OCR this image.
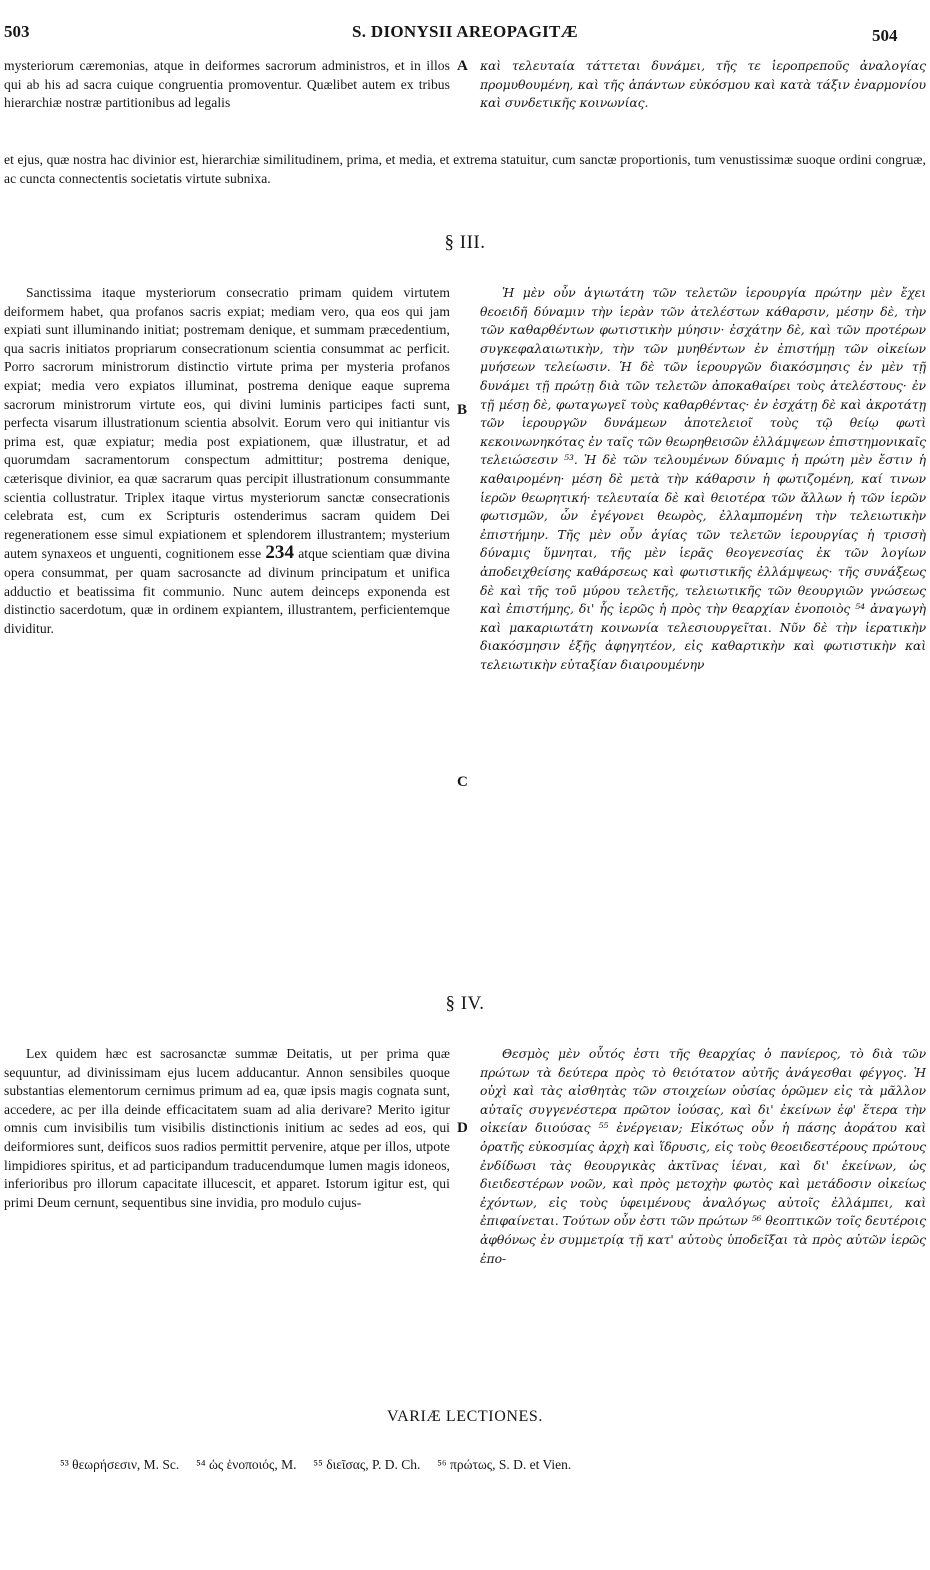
503	S. DIONYSII AREOPAGITÆ	504
mysteriorum cæremonias, atque in deiformes sacrorum administros, et in illos qui ab his ad sacra cuique congruentia promoventur. Quælibet autem ex tribus hierarchiæ nostræ partitionibus ad legalis
A καὶ τελευταία τάττεται δυνάμει, τῆς τε ἱεροπρεποῦς ἀναλογίας προμυθουμένη, καὶ τῆς ἁπάντων εὐκόσμου καὶ κατὰ τάξιν ἐναρμονίου καὶ συνδετικῆς κοινωνίας.
et ejus, quæ nostra hac divinior est, hierarchiæ similitudinem, prima, et media, et extrema statuitur, cum sanctæ proportionis, tum venustissimæ suoque ordini congruæ, ac cuncta connectentis societatis virtute subnixa.
§ III.

Sanctissima itaque mysteriorum consecratio primam quidem virtutem deiformem habet, qua profanos sacris expiat; mediam vero, qua eos qui jam expiati sunt illuminando initiat; postremam denique, et summam præcedentium, qua sacris initiatos propriarum consecrationum scientia consummat ac perficit. Porro sacrorum ministrorum distinctio virtute prima per mysteria profanos expiat; media vero expiatos illuminat, postrema denique eaque suprema sacrorum ministrorum virtute eos, qui divini luminis participes facti sunt, perfecta visarum illustrationum scientia absolvit. Eorum vero qui initiantur vis prima est, quæ expiatur; media post expiationem, quæ illustratur, et ad quorumdam sacramentorum conspectum admittitur; postrema denique, cæterisque divinior, ea quæ sacrarum quas percipit illustrationum consummante scientia collustratur. Triplex itaque virtus mysteriorum sanctæ consecrationis celebrata est, cum ex Scripturis ostenderimus sacram quidem Dei regenerationem esse simul expiationem et splendorem illustrantem; mysterium autem synaxeos et unguenti, cognitionem esse 234 atque scientiam quæ divina opera consummat, per quam sacrosancte ad divinum principatum et unifica adductio et beatissima fit communio. Nunc autem deinceps exponenda est distinctio sacerdotum, quæ in ordinem expiantem, illustrantem, perficientemque dividitur.

B
C

Ἡ μὲν οὖν ἁγιωτάτη τῶν τελετῶν ἱερουργία πρώτην μὲν ἔχει θεοειδῆ δύναμιν τὴν ἱερὰν τῶν ἀτελέστων κάθαρσιν, μέσην δὲ, τὴν τῶν καθαρθέντων φωτιστικὴν μύησιν· ἐσχάτην δὲ, καὶ τῶν προτέρων συγκεφαλαιωτικὴν, τὴν τῶν μυηθέντων ἐν ἐπιστήμῃ τῶν οἰκείων μυήσεων τελείωσιν. Ἡ δὲ τῶν ἱερουργῶν διακόσμησις ἐν μὲν τῇ δυνάμει τῇ πρώτῃ διὰ τῶν τελετῶν ἀποκαθαίρει τοὺς ἀτελέστους· ἐν τῇ μέσῃ δὲ, φωταγωγεῖ τοὺς καθαρθέντας· ἐν ἐσχάτῃ δὲ καὶ ἀκροτάτῃ τῶν ἱερουργῶν δυνάμεων ἀποτελειοῖ τοὺς τῷ θείῳ φωτὶ κεκοινωνηκότας ἐν ταῖς τῶν θεωρηθεισῶν ἐλλάμψεων ἐπιστημονικαῖς τελειώσεσιν ⁵³. Ἡ δὲ τῶν τελουμένων δύναμις ἡ πρώτη μὲν ἔστιν ἡ καθαιρομένη· μέση δὲ μετὰ τὴν κάθαρσιν ἡ φωτιζομένη, καί τινων ἱερῶν θεωρητική· τελευταία δὲ καὶ θειοτέρα τῶν ἄλλων ἡ τῶν ἱερῶν φωτισμῶν, ὧν ἐγέγονει θεωρὸς, ἐλλαμπομένη τὴν τελειωτικὴν ἐπιστήμην. Τῆς μὲν οὖν ἁγίας τῶν τελετῶν ἱερουργίας ἡ τρισσὴ δύναμις ὕμνηται, τῆς μὲν ἱερᾶς θεογενεσίας ἐκ τῶν λογίων ἀποδειχθείσης καθάρσεως καὶ φωτιστικῆς ἐλλάμψεως· τῆς συνάξεως δὲ καὶ τῆς τοῦ μύρου τελετῆς, τελειωτικῆς τῶν θεουργιῶν γνώσεως καὶ ἐπιστήμης, δι' ἧς ἱερῶς ἡ πρὸς τὴν θεαρχίαν ἑνοποιὸς ⁵⁴ ἀναγωγὴ καὶ μακαριωτάτη κοινωνία τελεσιουργεῖται. Νῦν δὲ τὴν ἱερατικὴν διακόσμησιν ἑξῆς ἀφηγητέον, εἰς καθαρτικὴν καὶ φωτιστικὴν καὶ τελειωτικὴν εὐταξίαν διαιρουμένην

§ IV.

Lex quidem hæc est sacrosanctæ summæ Deitatis, ut per prima quæ sequuntur, ad divinissimam ejus lucem adducantur. Annon sensibiles quoque substantias elementorum cernimus primum ad ea, quæ ipsis magis cognata sunt, accedere, ac per illa deinde efficacitatem suam ad alia derivare? Merito igitur omnis cum invisibilis tum visibilis distinctionis initium ac sedes ad eos, qui deiformiores sunt, deificos suos radios permittit pervenire, atque per illos, utpote limpidiores spiritus, et ad participandum traducendumque lumen magis idoneos, inferioribus pro illorum capacitate illucescit, et apparet. Istorum igitur est, qui primi Deum cernunt, sequentibus sine invidia, pro modulo cujus-

D

Θεσμὸς μὲν οὗτός ἐστι τῆς θεαρχίας ὁ πανίερος, τὸ διὰ τῶν πρώτων τὰ δεύτερα πρὸς τὸ θειότατον αὐτῆς ἀνάγεσθαι φέγγος. Ἡ οὐχὶ καὶ τὰς αἰσθητὰς τῶν στοιχείων οὐσίας ὁρῶμεν εἰς τὰ μᾶλλον αὐταῖς συγγενέστερα πρῶτον ἰούσας, καὶ δι' ἐκείνων ἐφ' ἕτερα τὴν οἰκείαν διιούσας ⁵⁵ ἐνέργειαν; Εἰκότως οὖν ἡ πάσης ἀοράτου καὶ ὁρατῆς εὐκοσμίας ἀρχὴ καὶ ἵδρυσις, εἰς τοὺς θεοειδεστέρους πρώτους ἐνδίδωσι τὰς θεουργικὰς ἀκτῖνας ἰέναι, καὶ δι' ἐκείνων, ὡς διειδεστέρων νοῶν, καὶ πρὸς μετοχὴν φωτὸς καὶ μετάδοσιν οἰκείως ἐχόντων, εἰς τοὺς ὑφειμένους ἀναλόγως αὐτοῖς ἐλλάμπει, καὶ ἐπιφαίνεται. Τούτων οὖν ἐστι τῶν πρώτων ⁵⁶ θεοπτικῶν τοῖς δευτέροις ἀφθόνως ἐν συμμετρίᾳ τῇ κατ' αὐτοὺς ὑποδεῖξαι τὰ πρὸς αὐτῶν ἱερῶς ἐπο-

VARIÆ LECTIONES.
⁵³ θεωρήσεσιν, M. Sc. ⁵⁴ ὡς ἑνοποιός, M. ⁵⁵ διεῖσας, P. D. Ch. ⁵⁶ πρώτως, S. D. et Vien.
